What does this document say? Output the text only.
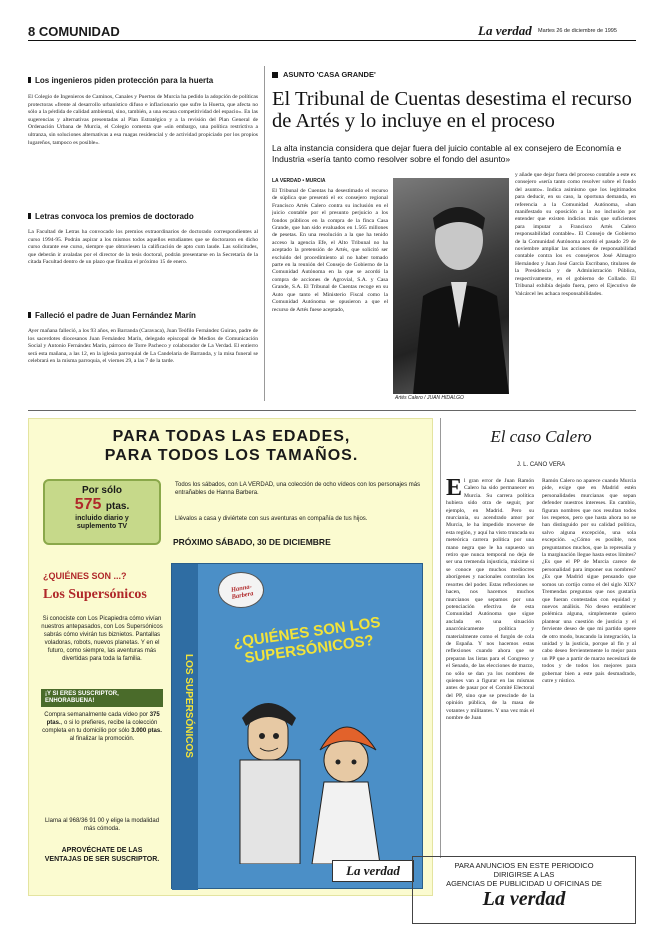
8 COMUNIDAD	La verdad Martes 26 de diciembre de 1995
Los ingenieros piden protección para la huerta
El Colegio de Ingenieros de Caminos, Canales y Puertos de Murcia ha pedido la adopción de políticas protectoras «frente al desarrollo urbanístico difuso e inflacionario que sufre la Huerta, que afecta no sólo a la pérdida de calidad ambiental, sino, también, a una escasa competitividad del espacio». En las sugerencias y alternativas presentadas al Plan Estratégico y a la revisión del Plan General de Ordenación Urbana de Murcia, el Colegio comenta que «sin embargo, una política restrictiva a ultranza, sin soluciones alternativas a esa ruagas residencial y de actividad propiciado por los propios lugareños, tampoco es posible».
Letras convoca los premios de doctorado
La Facultad de Letras ha convocado los premios extraordinarios de doctorado correspondientes al curso 1994-95. Podrán aspirar a los mismos todos aquellos estudiantes que se doctoraron en dicho curso durante ese curso, siempre que obtuviesen la calificación de apto cum laude. Las solicitudes, que deberán ir avaladas por el director de la tesis doctoral, podrán presentarse en la Secretaría de la citada Facultad dentro de un plazo que finaliza el próximo 15 de enero.
Falleció el padre de Juan Fernández Marín
Ayer mañana falleció, a los 93 años, en Barranda (Caravaca), Juan Teófilo Fernández Guirao, padre de los sacerdotes diocesanos Juan Fernández Marín, delegado episcopal de Medios de Comunicación Social y Antonio Fernández Marín, párroco de Torre Pacheco y colaborador de La Verdad. El entierro será esta mañana, a las 12, en la iglesia parroquial de La Candelaria de Barranda, y la misa funeral se celebrará en la misma parroquia, el viernes 29, a las 7 de la tarde.
ASUNTO 'CASA GRANDE'
El Tribunal de Cuentas desestima el recurso de Artés y lo incluye en el proceso
La alta instancia considera que dejar fuera del juicio contable al ex consejero de Economía e Industria «sería tanto como resolver sobre el fondo del asunto»
LA VERDAD • MURCIA
El Tribunal de Cuentas ha desestimado el recurso de súplica que presentó el ex consejero regional Francisco Artés Calero contra su inclusión en el juicio contable por el presunto perjuicio a los fondos públicos en la compra de la finca Casa Grande, que han sido evaluados en 1.565 millones de pesetas. En una resolución a la que ha tenido acceso la agencia Efe, el Alto Tribunal no ha aceptado la pretensión de Artés, que solicitó ser excluido del procedimiento al no haber tomado parte en la reunión del Consejo de Gobierno de la Comunidad Autónoma en la que se acordó la compra de acciones de Agrovial, S.A. y Casa Grande, S.A. El Tribunal de Cuentas recoge en su Auto que tanto el Ministerio Fiscal como la Comunidad Autónoma se opusieron a que el recurso de Artés fuese aceptado,
Artés Calero / JUAN HIDALGO
y añade que dejar fuera del proceso contable a este ex consejero «sería tanto como resolver sobre el fondo del asunto». Indica asimismo que los legitimados para deducir, en su caso, la oportuna demanda, en referencia a la Comunidad Autónoma, «han manifestado su oposición a la no inclusión por entender que existen indicios más que suficientes para imputar a Francisco Artés Calero responsabilidad contable». El Consejo de Gobierno de la Comunidad Autónoma acordó el pasado 29 de noviembre ampliar las acciones de responsabilidad contable contra los ex consejeros José Almagro Hernández y Juan José García Escribano, titulares de la Presidencia y de Administración Pública, respectivamente, en el gobierno de Collado. El Tribunal exhibía dejado fuera, pero el Ejecutivo de Valcárcel les achaca responsabilidades.
PARA TODAS LAS EDADES,
PARA TODOS LOS TAMAÑOS.
Por sólo
575 ptas.
incluido diario y
suplemento TV
Todos los sábados, con LA VERDAD, una colección de ocho vídeos con los personajes más entrañables de Hanna Barbera.
Llévalos a casa y diviértete con sus aventuras en compañía de tus hijos.
PRÓXIMO SÁBADO, 30 DE DICIEMBRE
¿QUIÉNES SON ...?
Los Supersónicos
Si conociste con Los Picapiedra cómo vivían nuestros antepasados, con Los Supersónicos sabrás cómo vivirán tus biznietos. Pantallas voladoras, robots, nuevos planetas. Y en el futuro, como siempre, las aventuras más divertidas para toda la familia.
¡Y SI ERES SUSCRIPTOR,
ENHORABUENA!
Compra semanalmente cada vídeo por 375 ptas., o si lo prefieres, recibe la colección completa en tu domicilio por sólo 3.000 ptas. al finalizar la promoción.
Llama al 968/36 91 00 y elige la modalidad más cómoda.
APROVÉCHATE DE LAS VENTAJAS DE SER SUSCRIPTOR.
LOS SUPERSÓNICOS
Hanna-Barbera
¿QUIÉNES SON LOS SUPERSÓNICOS?
La verdad
El caso Calero
J. L. CANO VERA
El gran error de Juan Ramón Calero ha sido permanecer en Murcia. Su carrera política hubiera sido otra de seguir, por ejemplo, en Madrid. Pero su murcianía, su acendrado amor por Murcia, le ha impedido moverse de esta región, y aquí ha visto truncada su meteórica carrera política por una mano negra que le ha supuesto un retiro que nunca temporal no deja de ser una tremenda injusticia, máxime si se conoce que muchos mediocres aborígenes y nacionales controlan los resortes del poder. Estas reflexiones se hacen, nos hacemos muchos murcianos que sepamos por una potenciación efectiva de esta Comunidad Autónoma que sigue anclada en una situación anacrónicamente política y materialmente como el furgón de cola de España. Y nos hacemos estas reflexiones cuando ahora que se preparan las listas para el Congreso y el Senado, de las elecciones de marzo, no sólo se dan ya los nombres de quienes van a figurar en las mismas antes de pasar por el Comité Electoral del PP, sino que se prescinde de la opinión pública, de la masa de votantes y militantes. Y una vez más el nombre de Juan
Ramón Calero no aparece cuando Murcia pide, exige que en Madrid estén personalidades murcianas que sepan defender nuestros intereses. En cambio, figuran nombres que nos resultan todos los respetos, pero que hasta ahora no se han distinguido por su calidad política, salvo alguna excepción, una sola excepción. «¿Cómo es posible, nos preguntamos muchos, que la represalia y la marginación llegue hasta estos límites? ¿Es que el PP de Murcia carece de personalidad para imponer sus nombres? ¿Es que Madrid sigue pensando que somos un cortijo como el del siglo XIX? Tremendas preguntas que nos gustaría que fueran contestadas con equidad y nuevos análisis. No deseo establecer polémica alguna, simplemente quiero plantear una cuestión de justicia y el ferviente deseo de que mi partido opere de otro modo, buscando la integración, la unidad y la justicia, porque al fin y al cabo deseo fervientemente lo mejor para un PP que a partir de marzo necesitará de todos y de todos los mejores para gobernar bien a este país desmadrado, cutre y rústico.
PARA ANUNCIOS EN ESTE PERIODICO
DIRIGIRSE A LAS
AGENCIAS DE PUBLICIDAD U OFICINAS DE
La verdad
